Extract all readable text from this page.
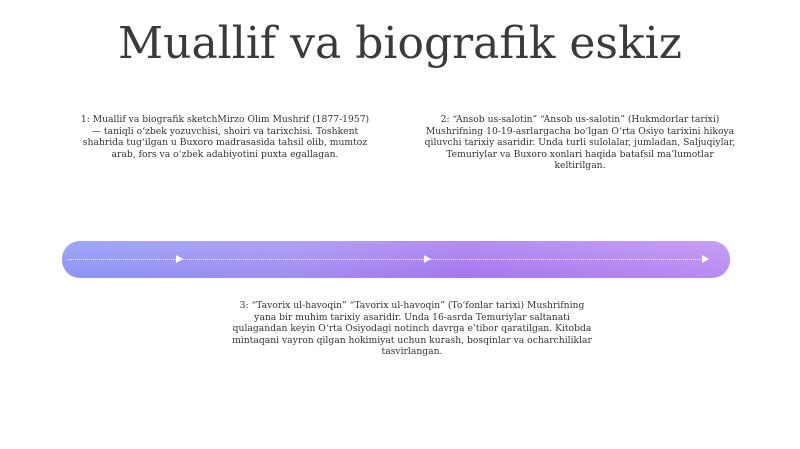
Muallif va biografik eskiz
1: Muallif va biografik sketchMirzo Olim Mushrif (1877-1957) — taniqli o‘zbek yozuvchisi, shoiri va tarixchisi. Toshkent shahrida tug‘ilgan u Buxoro madrasasida tahsil olib, mumtoz arab, fors va o‘zbek adabiyotini puxta egallagan.
2: “Ansob us-salotin” “Ansob us-salotin” (Hukmdorlar tarixi) Mushrifning 10-19-asrlargacha bo‘lgan O‘rta Osiyo tarixini hikoya qiluvchi tarixiy asaridir. Unda turli sulolalar, jumladan, Saljuqiylar, Temuriylar va Buxoro xonlari haqida batafsil ma’lumotlar keltirilgan.
3: “Tavorix ul-havoqin” “Tavorix ul-havoqin” (To‘fonlar tarixi) Mushrifning yana bir muhim tarixiy asaridir. Unda 16-asrda Temuriylar saltanati qulagandan keyin O‘rta Osiyodagi notinch davrga e’tibor qaratilgan. Kitobda mintaqani vayron qilgan hokimiyat uchun kurash, bosqinlar va ocharchiliklar tasvirlangan.
